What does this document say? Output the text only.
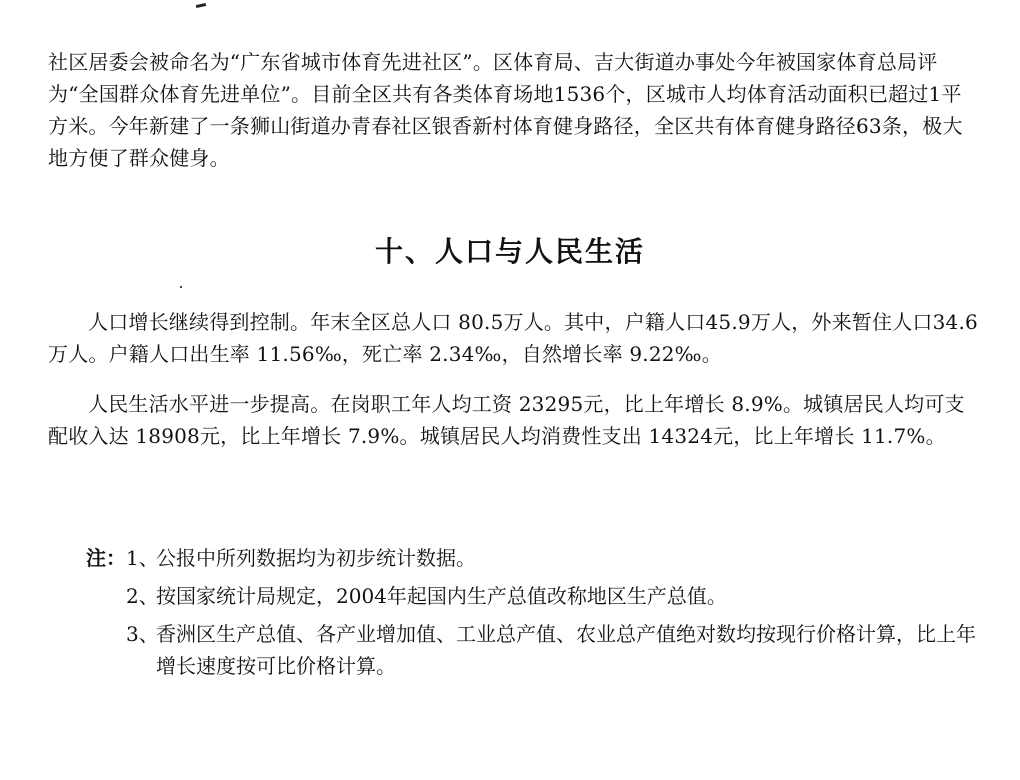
社区居委会被命名为“广东省城市体育先进社区”。区体育局、吉大街道办事处今年被国家体育总局评为“全国群众体育先进单位”。目前全区共有各类体育场地1536个，区城市人均体育活动面积已超过1平方米。今年新建了一条狮山街道办青春社区银香新村体育健身路径，全区共有体育健身路径63条，极大地方便了群众健身。

十、人口与人民生活

人口增长继续得到控制。年末全区总人口 80.5万人。其中，户籍人口45.9万人，外来暂住人口34.6万人。户籍人口出生率 11.56‰，死亡率 2.34‰，自然增长率 9.22‰。

人民生活水平进一步提高。在岗职工年人均工资 23295元，比上年增长 8.9%。城镇居民人均可支配收入达 18908元，比上年增长 7.9%。城镇居民人均消费性支出 14324元，比上年增长 11.7%。

注： 1、
公报中所列数据均为初步统计数据。
2、
按国家统计局规定，2004年起国内生产总值改称地区生产总值。
3、
香洲区生产总值、各产业增加值、工业总产值、农业总产值绝对数均按现行价格计算，比上年增长速度按可比价格计算。
